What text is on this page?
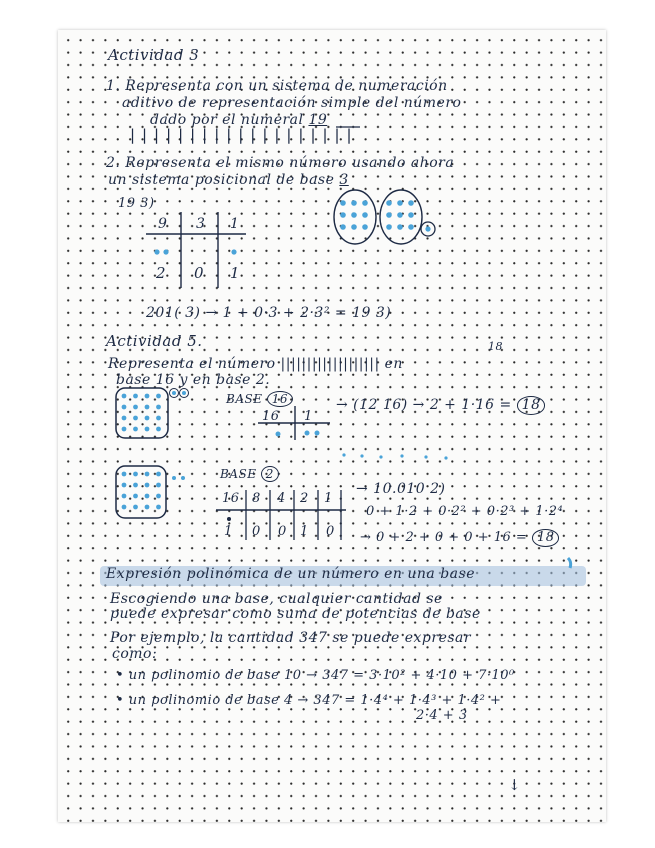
Actividad 3
1. Representa con un sistema de numeración
aditivo de representación simple del número
dado por el numeral 19
|||||||||||||||||||
2. Representa el mismo número usando ahora
un sistema posicional de base 3
19 3)
9 3 1
2 0 1
201( 3) → 1 + 0·3 + 2·3² = 19 3)
Actividad 5.	18
Representa el número ||||||||||||||||||| en
base 16 y en base 2.
BASE 16
16 1
→ (12 16) → 2 + 1·16 = 18
BASE 2
16 8 4 2 1
1 0 0 1 0
→ 10.010 2)
0 + 1·2 + 0·2² + 0·2³ + 1·2⁴
→ 0 + 2 + 0 + 0 + 16 = 18
Expresión polinómica de un número en una base
Escogiendo una base, cualquier cantidad se
puede expresar como suma de potencias de base
Por ejemplo, la cantidad 347 se puede expresar
como:
• un polinomio de base 10 → 347 = 3·10² + 4·10 + 7·10⁰
• un polinomio de base 4 → 347 = 1·4⁴ + 1·4³ + 1·4² +
2·4 + 3
↓
